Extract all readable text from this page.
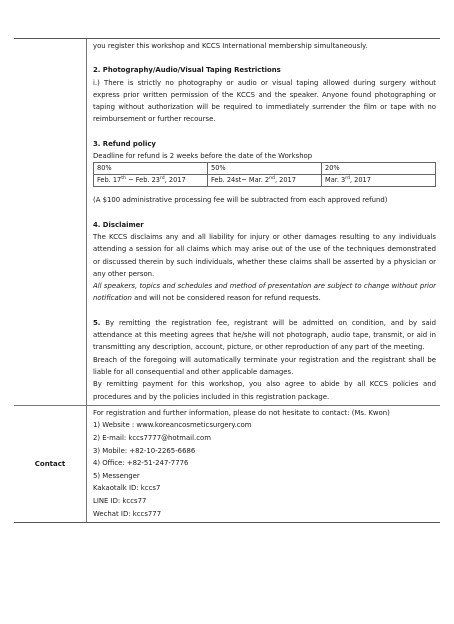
you register this workshop and KCCS International membership simultaneously.

2. Photography/Audio/Visual Taping Restrictions

i.) There is strictly no photography or audio or visual taping allowed during surgery without express prior written permission of the KCCS and the speaker. Anyone found photographing or taping without authorization will be required to immediately surrender the film or tape with no reimbursement or further recourse.

3. Refund policy

Deadline for refund is 2 weeks before the date of the Workshop

80%	50%	20%
Feb. 17th ~ Feb. 23rd, 2017	Feb. 24st~ Mar. 2nd, 2017	Mar. 3rd, 2017

(A $100 administrative processing fee will be subtracted from each approved refund)

4. Disclaimer

The KCCS disclaims any and all liability for injury or other damages resulting to any individuals attending a session for all claims which may arise out of the use of the techniques demonstrated or discussed therein by such individuals, whether these claims shall be asserted by a physician or any other person.

All speakers, topics and schedules and method of presentation are subject to change without prior notification and will not be considered reason for refund requests.

5. By remitting the registration fee, registrant will be admitted on condition, and by said attendance at this meeting agrees that he/she will not photograph, audio tape, transmit, or aid in transmitting any description, account, picture, or other reproduction of any part of the meeting.

Breach of the foregoing will automatically terminate your registration and the registrant shall be liable for all consequential and other applicable damages.

By remitting payment for this workshop, you also agree to abide by all KCCS policies and procedures and by the policies included in this registration package.

Contact

For registration and further information, please do not hesitate to contact: (Ms. Kwon)

1) Website : www.koreancosmeticsurgery.com

2) E-mail: kccs7777@hotmail.com

3) Mobile: +82-10-2265-6686

4) Office: +82-51-247-7776

5) Messenger

Kakaotalk ID: kccs7

LINE ID: kccs77

Wechat ID: kccs777
